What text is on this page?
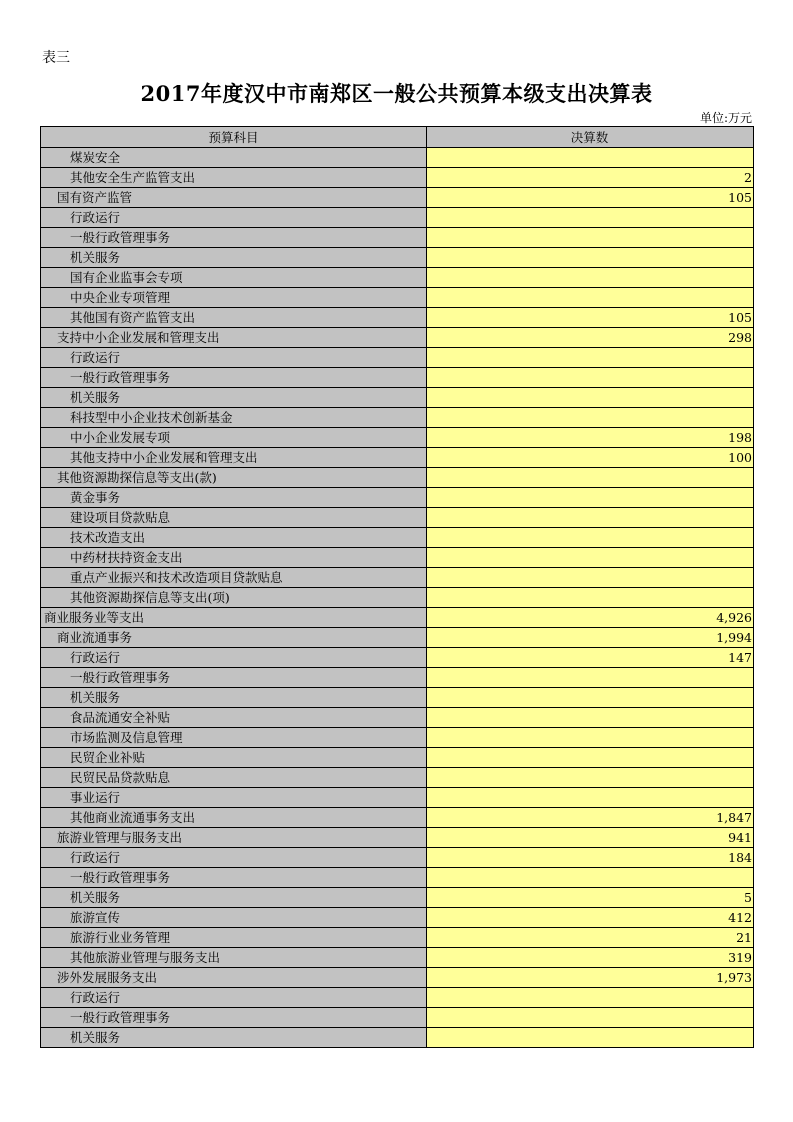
表三
2017年度汉中市南郑区一般公共预算本级支出决算表
单位:万元
预算科目	决算数
煤炭安全	
其他安全生产监管支出	2
国有资产监管	105
行政运行	
一般行政管理事务	
机关服务	
国有企业监事会专项	
中央企业专项管理	
其他国有资产监管支出	105
支持中小企业发展和管理支出	298
行政运行	
一般行政管理事务	
机关服务	
科技型中小企业技术创新基金	
中小企业发展专项	198
其他支持中小企业发展和管理支出	100
其他资源勘探信息等支出(款)	
黄金事务	
建设项目贷款贴息	
技术改造支出	
中药材扶持资金支出	
重点产业振兴和技术改造项目贷款贴息	
其他资源勘探信息等支出(项)	
商业服务业等支出	4,926
商业流通事务	1,994
行政运行	147
一般行政管理事务	
机关服务	
食品流通安全补贴	
市场监测及信息管理	
民贸企业补贴	
民贸民品贷款贴息	
事业运行	
其他商业流通事务支出	1,847
旅游业管理与服务支出	941
行政运行	184
一般行政管理事务	
机关服务	5
旅游宣传	412
旅游行业业务管理	21
其他旅游业管理与服务支出	319
涉外发展服务支出	1,973
行政运行	
一般行政管理事务	
机关服务	
